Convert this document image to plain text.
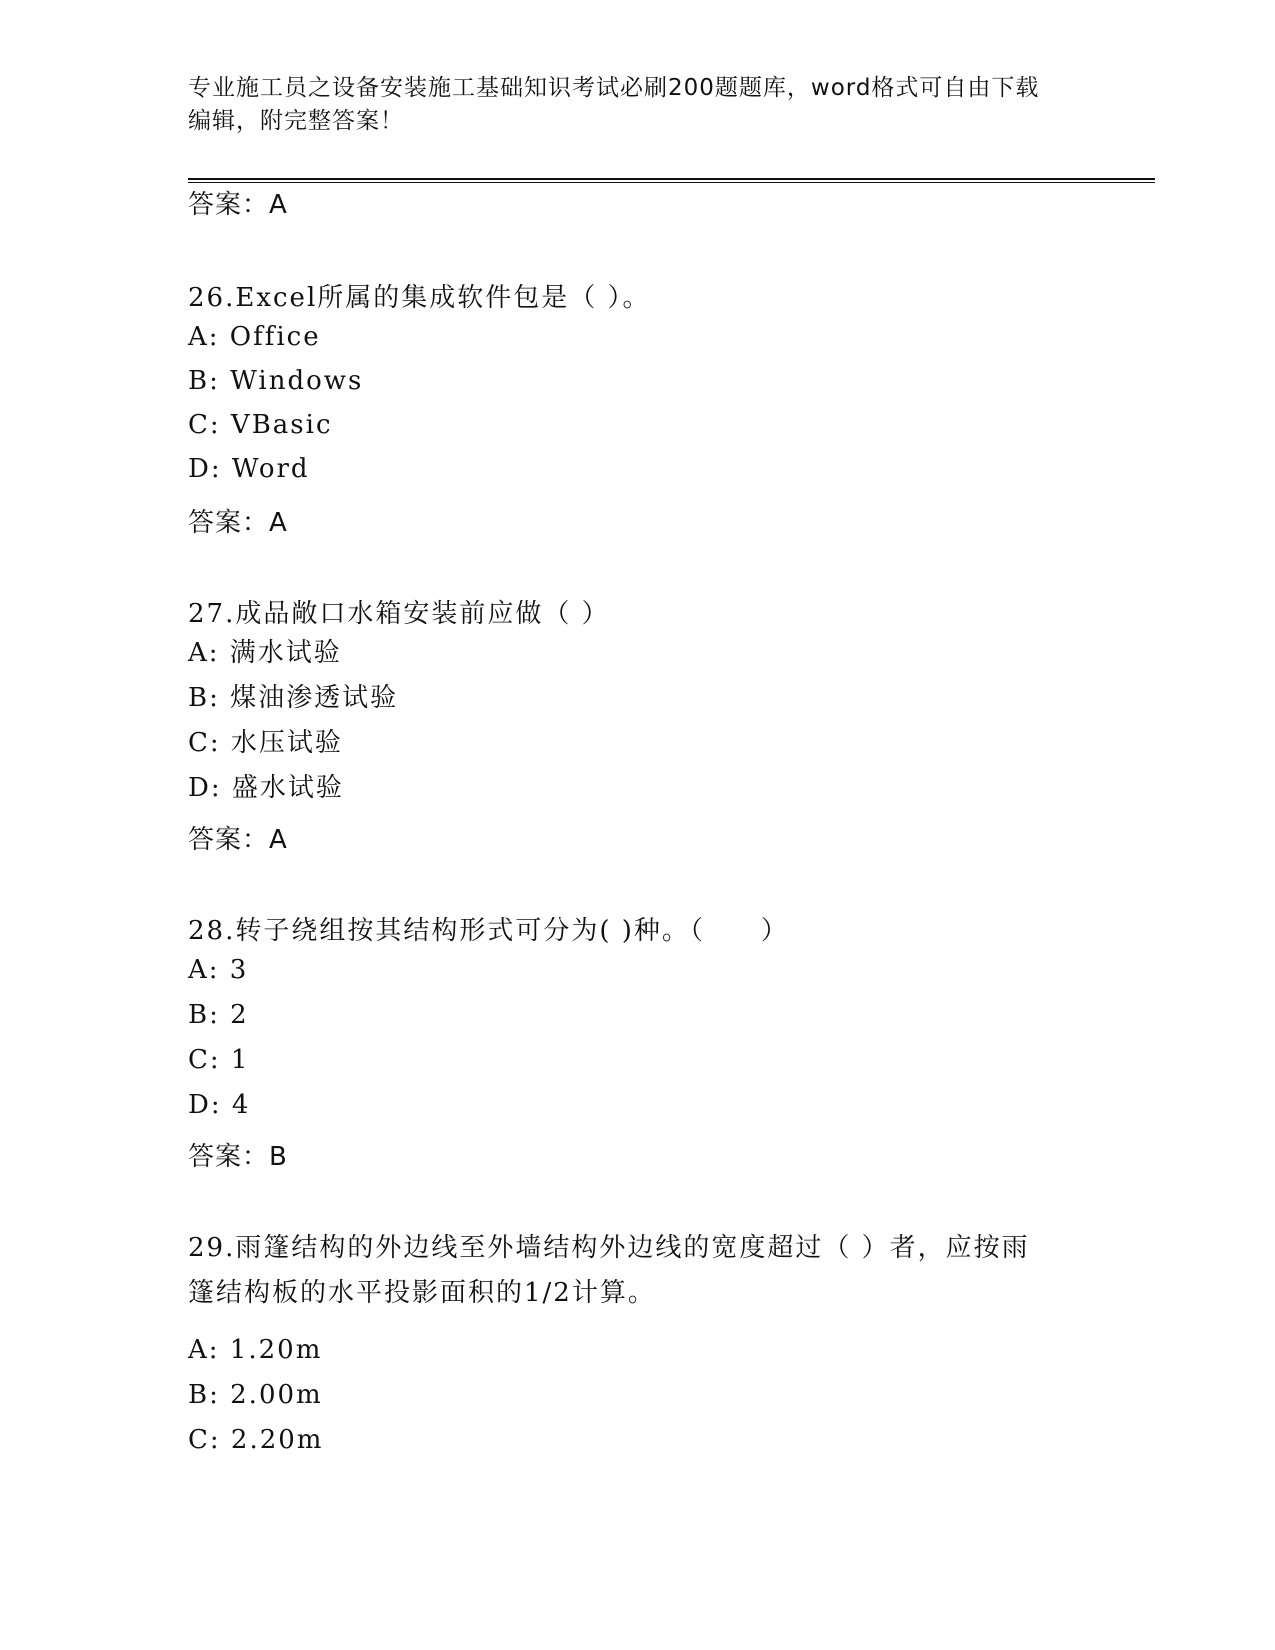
专业施工员之设备安装施工基础知识考试必刷200题题库，word格式可自由下载
编辑，附完整答案！
答案：A
26.Excel所属的集成软件包是（ ）。
A: Office
B: Windows
C: VBasic
D: Word
答案：A
27.成品敞口水箱安装前应做（ ）
A: 满水试验
B: 煤油渗透试验
C: 水压试验
D: 盛水试验
答案：A
28.转子绕组按其结构形式可分为( )种。（　　）
A: 3
B: 2
C: 1
D: 4
答案：B
29.雨篷结构的外边线至外墙结构外边线的宽度超过（ ）者，应按雨
篷结构板的水平投影面积的1/2计算。
A: 1.20m
B: 2.00m
C: 2.20m
